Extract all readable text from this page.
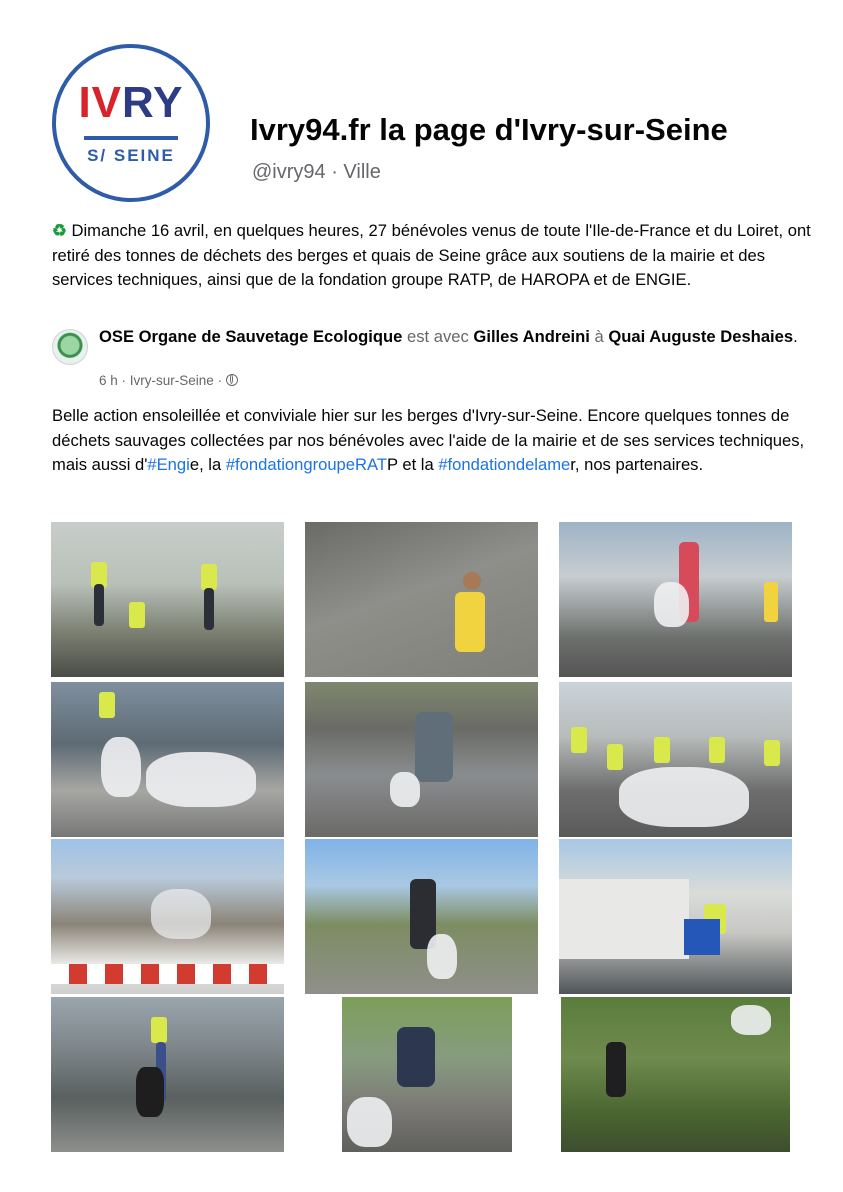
IVRY
S/ SEINE
Ivry94.fr la page d'Ivry-sur-Seine
@ivry94 · Ville
♻ Dimanche 16 avril, en quelques heures, 27 bénévoles venus de toute l'Ile-de-France et du Loiret, ont retiré des tonnes de déchets des berges et quais de Seine grâce aux soutiens de la mairie et des services techniques, ainsi que de la fondation groupe RATP, de HAROPA et de ENGIE.
OSE Organe de Sauvetage Ecologique est avec Gilles Andreini à Quai Auguste Deshaies.
6 h · Ivry-sur-Seine ·
Belle action ensoleillée et conviviale hier sur les berges d'Ivry-sur-Seine. Encore quelques tonnes de déchets sauvages collectées par nos bénévoles avec l'aide de la mairie et de ses services techniques, mais aussi d'#Engie, la #fondationgroupeRATP et la #fondationdelamer, nos partenaires.
